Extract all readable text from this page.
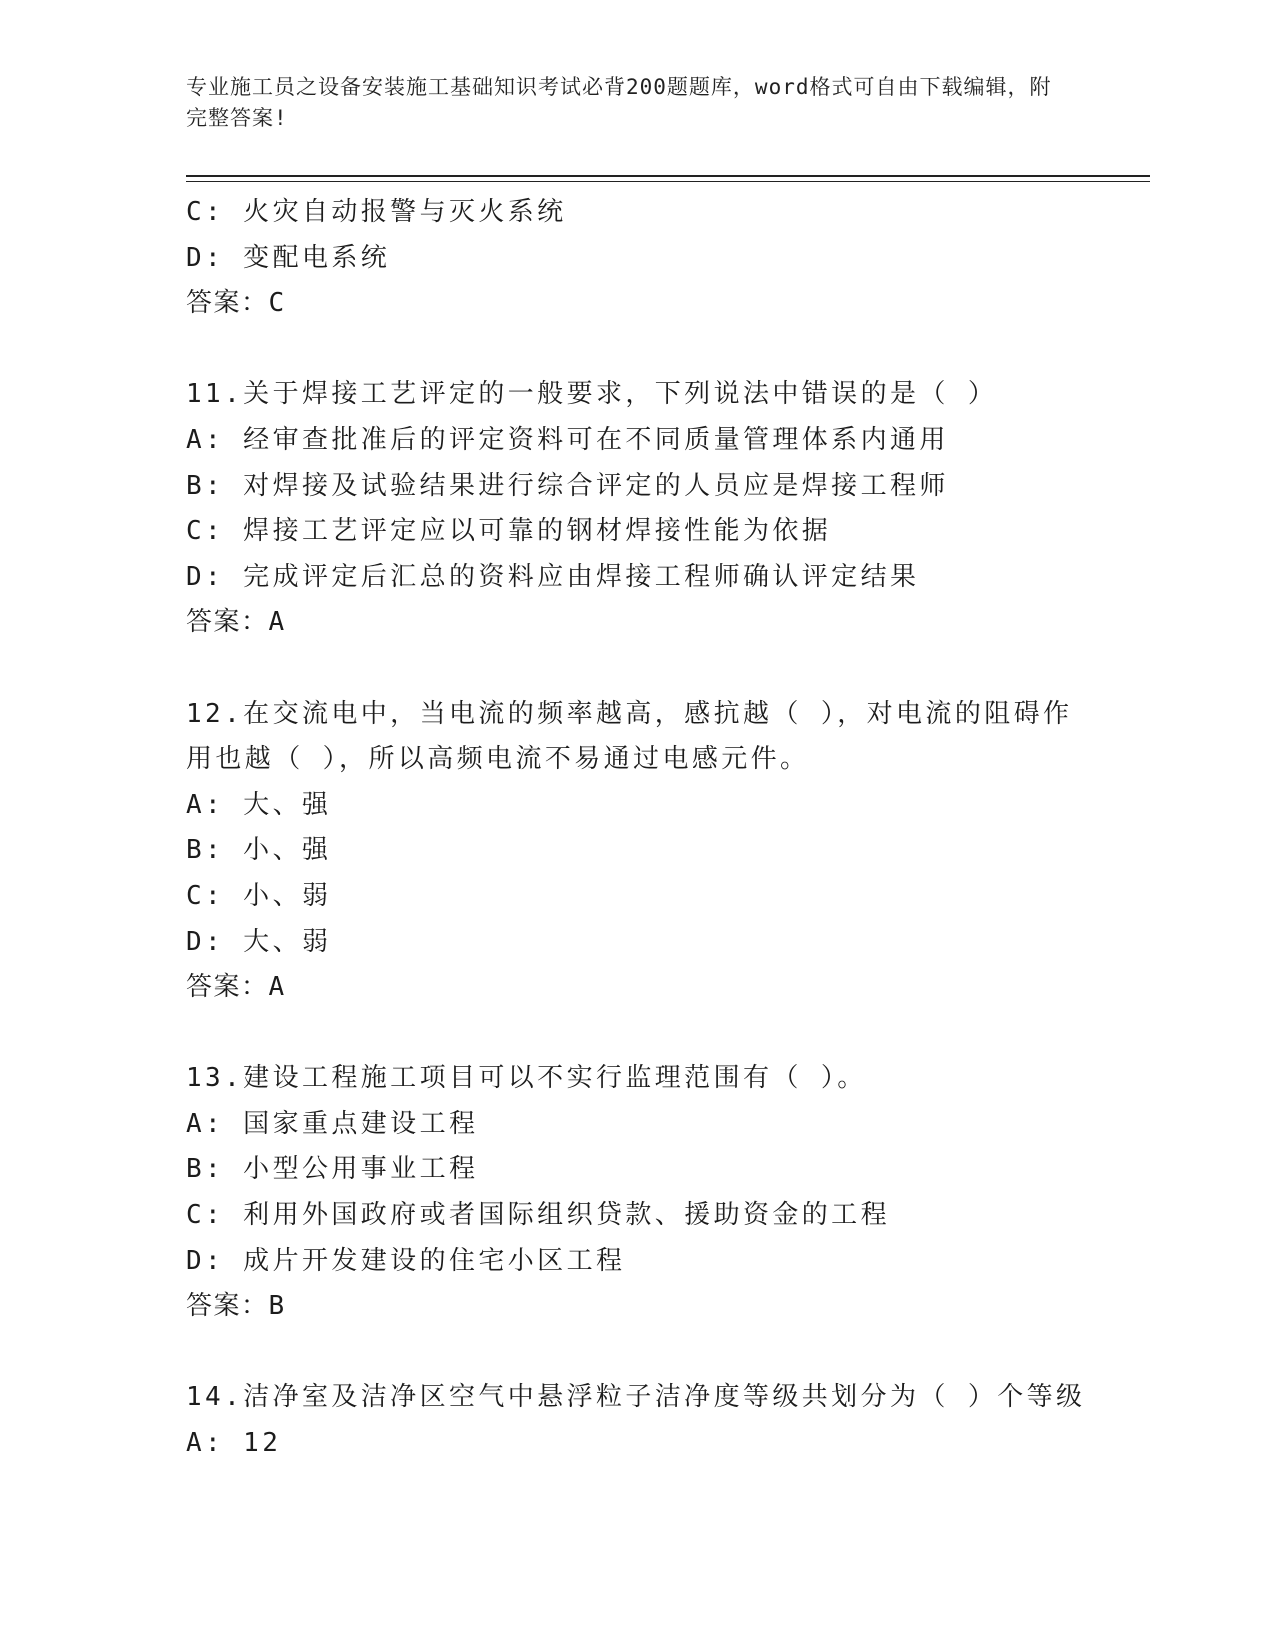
专业施工员之设备安装施工基础知识考试必背200题题库，word格式可自由下载编辑，附完整答案!
C: 火灾自动报警与灭火系统
D: 变配电系统
答案：C
11.关于焊接工艺评定的一般要求，下列说法中错误的是（ ）
A: 经审查批准后的评定资料可在不同质量管理体系内通用
B: 对焊接及试验结果进行综合评定的人员应是焊接工程师
C: 焊接工艺评定应以可靠的钢材焊接性能为依据
D: 完成评定后汇总的资料应由焊接工程师确认评定结果
答案：A
12.在交流电中，当电流的频率越高，感抗越（ ），对电流的阻碍作
用也越（ ），所以高频电流不易通过电感元件。
A: 大、强
B: 小、强
C: 小、弱
D: 大、弱
答案：A
13.建设工程施工项目可以不实行监理范围有（ ）。
A: 国家重点建设工程
B: 小型公用事业工程
C: 利用外国政府或者国际组织贷款、援助资金的工程
D: 成片开发建设的住宅小区工程
答案：B
14.洁净室及洁净区空气中悬浮粒子洁净度等级共划分为（ ）个等级
A: 12
